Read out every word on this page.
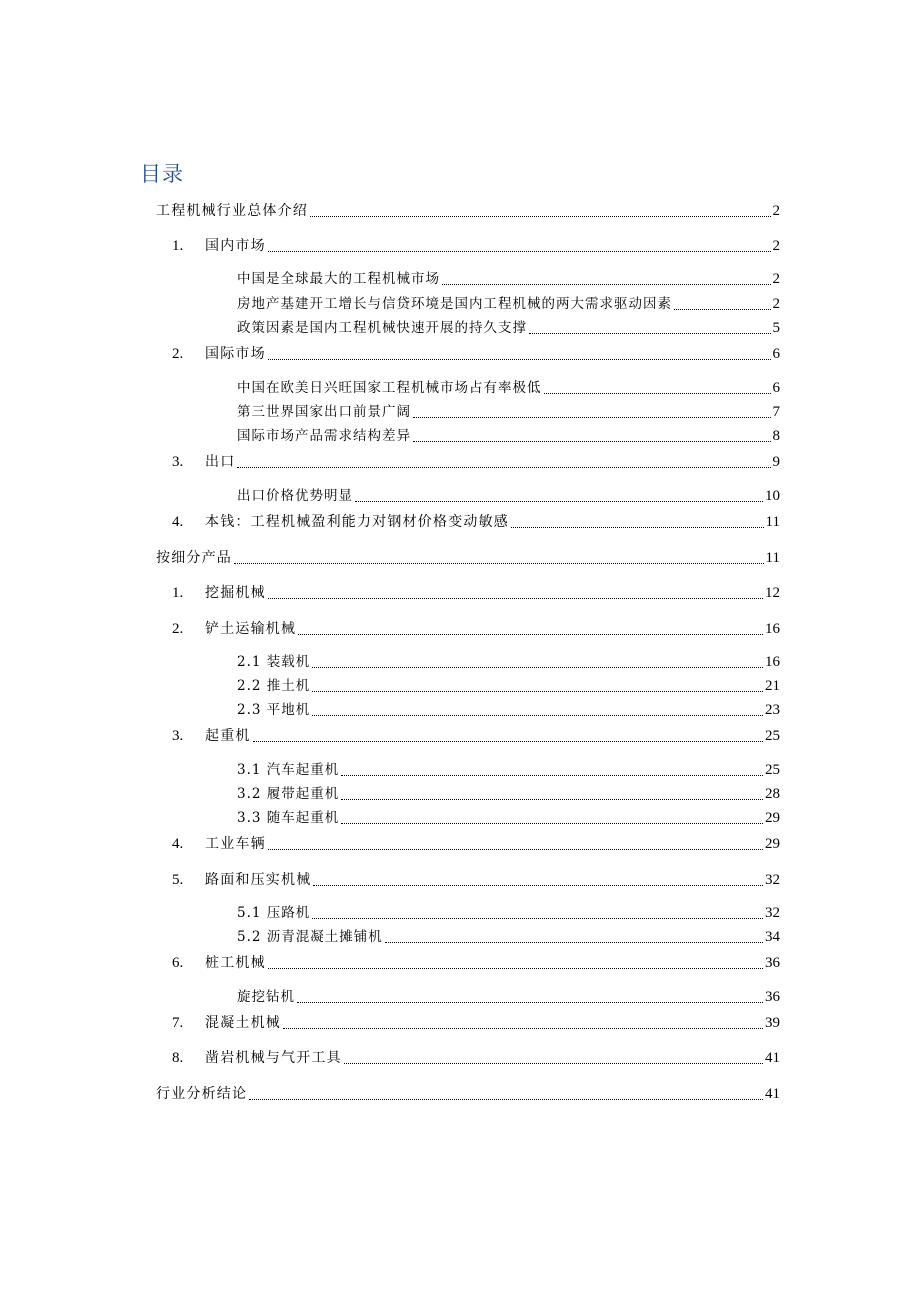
目录
工程机械行业总体介绍	2
1.	国内市场	2
中国是全球最大的工程机械市场	2
房地产基建开工增长与信贷环境是国内工程机械的两大需求驱动因素	2
政策因素是国内工程机械快速开展的持久支撑	5
2.	国际市场	6
中国在欧美日兴旺国家工程机械市场占有率极低	6
第三世界国家出口前景广阔	7
国际市场产品需求结构差异	8
3.	出口	9
出口价格优势明显	10
4.	本钱：工程机械盈利能力对钢材价格变动敏感	11
按细分产品	11
1.	挖掘机械	12
2.	铲土运输机械	16
2.1 装载机	16
2.2 推土机	21
2.3 平地机	23
3.	起重机	25
3.1 汽车起重机	25
3.2 履带起重机	28
3.3 随车起重机	29
4.	工业车辆	29
5.	路面和压实机械	32
5.1 压路机	32
5.2 沥青混凝土摊铺机	34
6.	桩工机械	36
旋挖钻机	36
7.	混凝土机械	39
8.	凿岩机械与气开工具	41
行业分析结论	41
